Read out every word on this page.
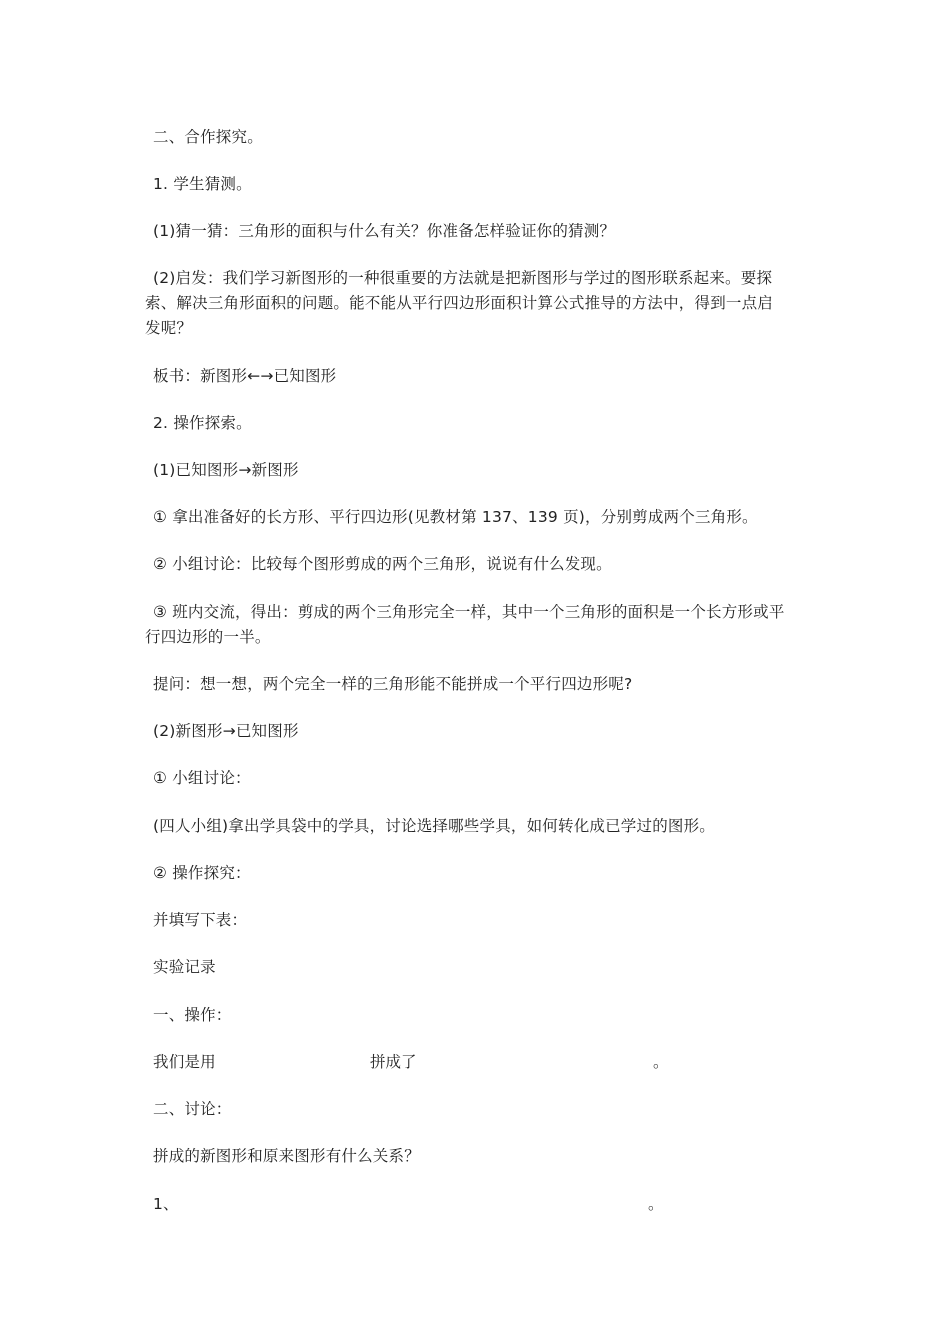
二、合作探究。
1. 学生猜测。
(1)猜一猜：三角形的面积与什么有关？你准备怎样验证你的猜测？
(2)启发：我们学习新图形的一种很重要的方法就是把新图形与学过的图形联系起来。要探
索、解决三角形面积的问题。能不能从平行四边形面积计算公式推导的方法中，得到一点启
发呢？
板书：新图形←→已知图形
2. 操作探索。
(1)已知图形→新图形
① 拿出准备好的长方形、平行四边形(见教材第 137、139 页)，分别剪成两个三角形。
② 小组讨论：比较每个图形剪成的两个三角形，说说有什么发现。
③ 班内交流，得出：剪成的两个三角形完全一样，其中一个三角形的面积是一个长方形或平
行四边形的一半。
提问：想一想，两个完全一样的三角形能不能拼成一个平行四边形呢?
(2)新图形→已知图形
① 小组讨论：
(四人小组)拿出学具袋中的学具，讨论选择哪些学具，如何转化成已学过的图形。
② 操作探究：
并填写下表：
实验记录
一、操作：
我们是用	拼成了	。
二、讨论：
拼成的新图形和原来图形有什么关系？
1、	。
